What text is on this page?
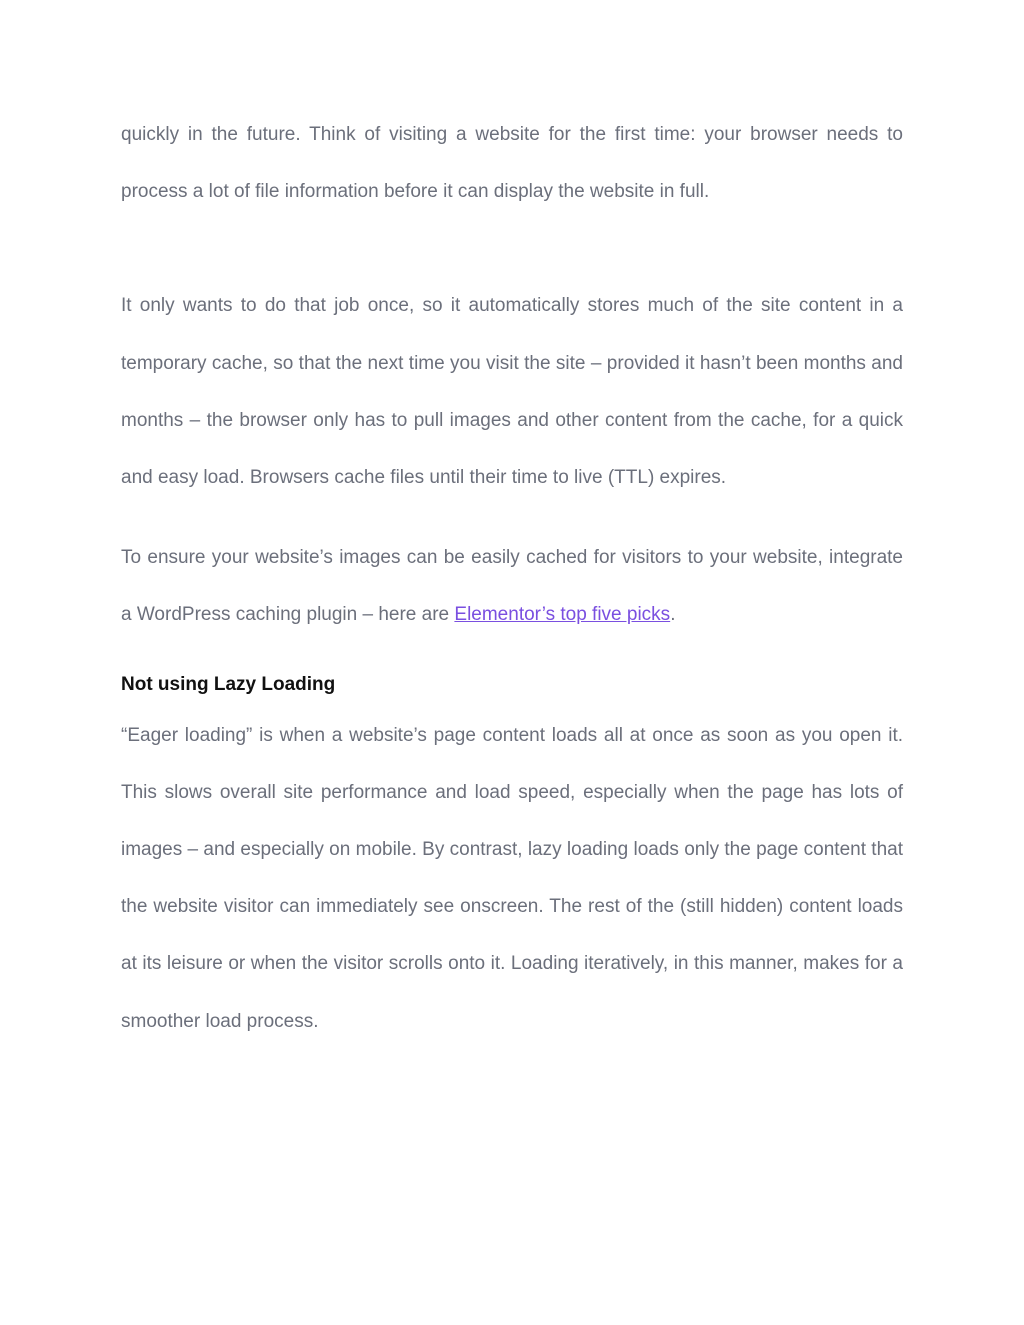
quickly in the future. Think of visiting a website for the first time: your browser needs to process a lot of file information before it can display the website in full.

It only wants to do that job once, so it automatically stores much of the site content in a temporary cache, so that the next time you visit the site – provided it hasn’t been months and months – the browser only has to pull images and other content from the cache, for a quick and easy load. Browsers cache files until their time to live (TTL) expires.

To ensure your website’s images can be easily cached for visitors to your website, integrate a WordPress caching plugin – here are Elementor’s top five picks.

Not using Lazy Loading

“Eager loading” is when a website’s page content loads all at once as soon as you open it. This slows overall site performance and load speed, especially when the page has lots of images – and especially on mobile. By contrast, lazy loading loads only the page content that the website visitor can immediately see onscreen. The rest of the (still hidden) content loads at its leisure or when the visitor scrolls onto it. Loading iteratively, in this manner, makes for a smoother load process.
